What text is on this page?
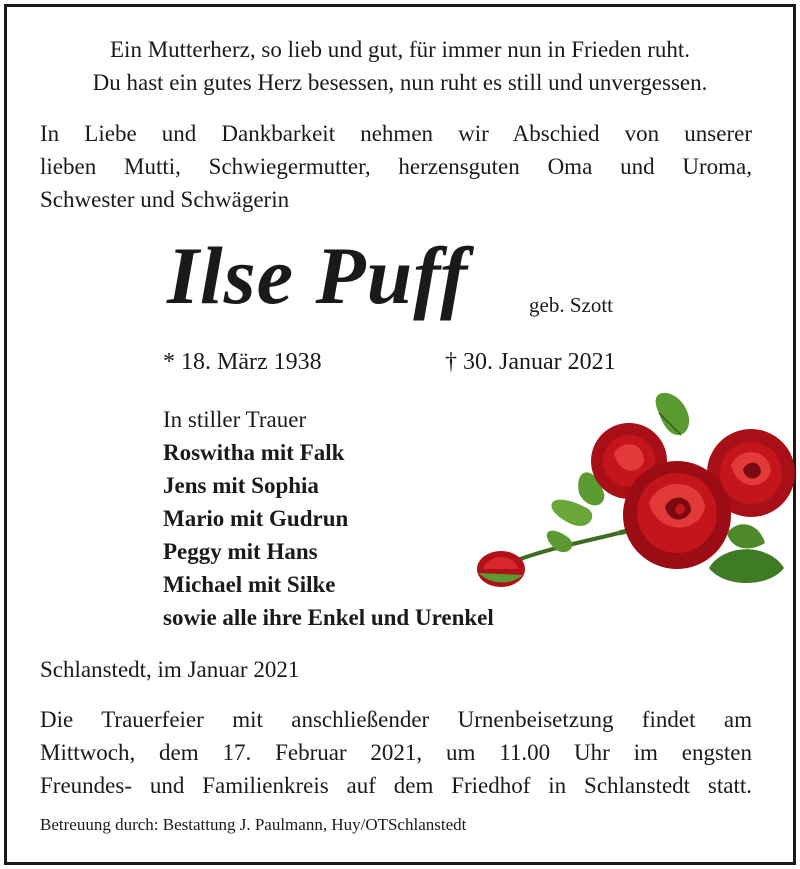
Ein Mutterherz, so lieb und gut, für immer nun in Frieden ruht.
Du hast ein gutes Herz besessen, nun ruht es still und unvergessen.
In Liebe und Dankbarkeit nehmen wir Abschied von unserer
lieben Mutti, Schwiegermutter, herzensguten Oma und Uroma,
Schwester und Schwägerin
Ilse Puff	geb. Szott
* 18. März 1938	† 30. Januar 2021
In stiller Trauer
Roswitha mit Falk
Jens mit Sophia
Mario mit Gudrun
Peggy mit Hans
Michael mit Silke
sowie alle ihre Enkel und Urenkel
Schlanstedt, im Januar 2021
Die Trauerfeier mit anschließender Urnenbeisetzung findet am
Mittwoch, dem 17. Februar 2021, um 11.00 Uhr im engsten
Freundes- und Familienkreis auf dem Friedhof in Schlanstedt statt.
Betreuung durch: Bestattung J. Paulmann, Huy/OTSchlanstedt
